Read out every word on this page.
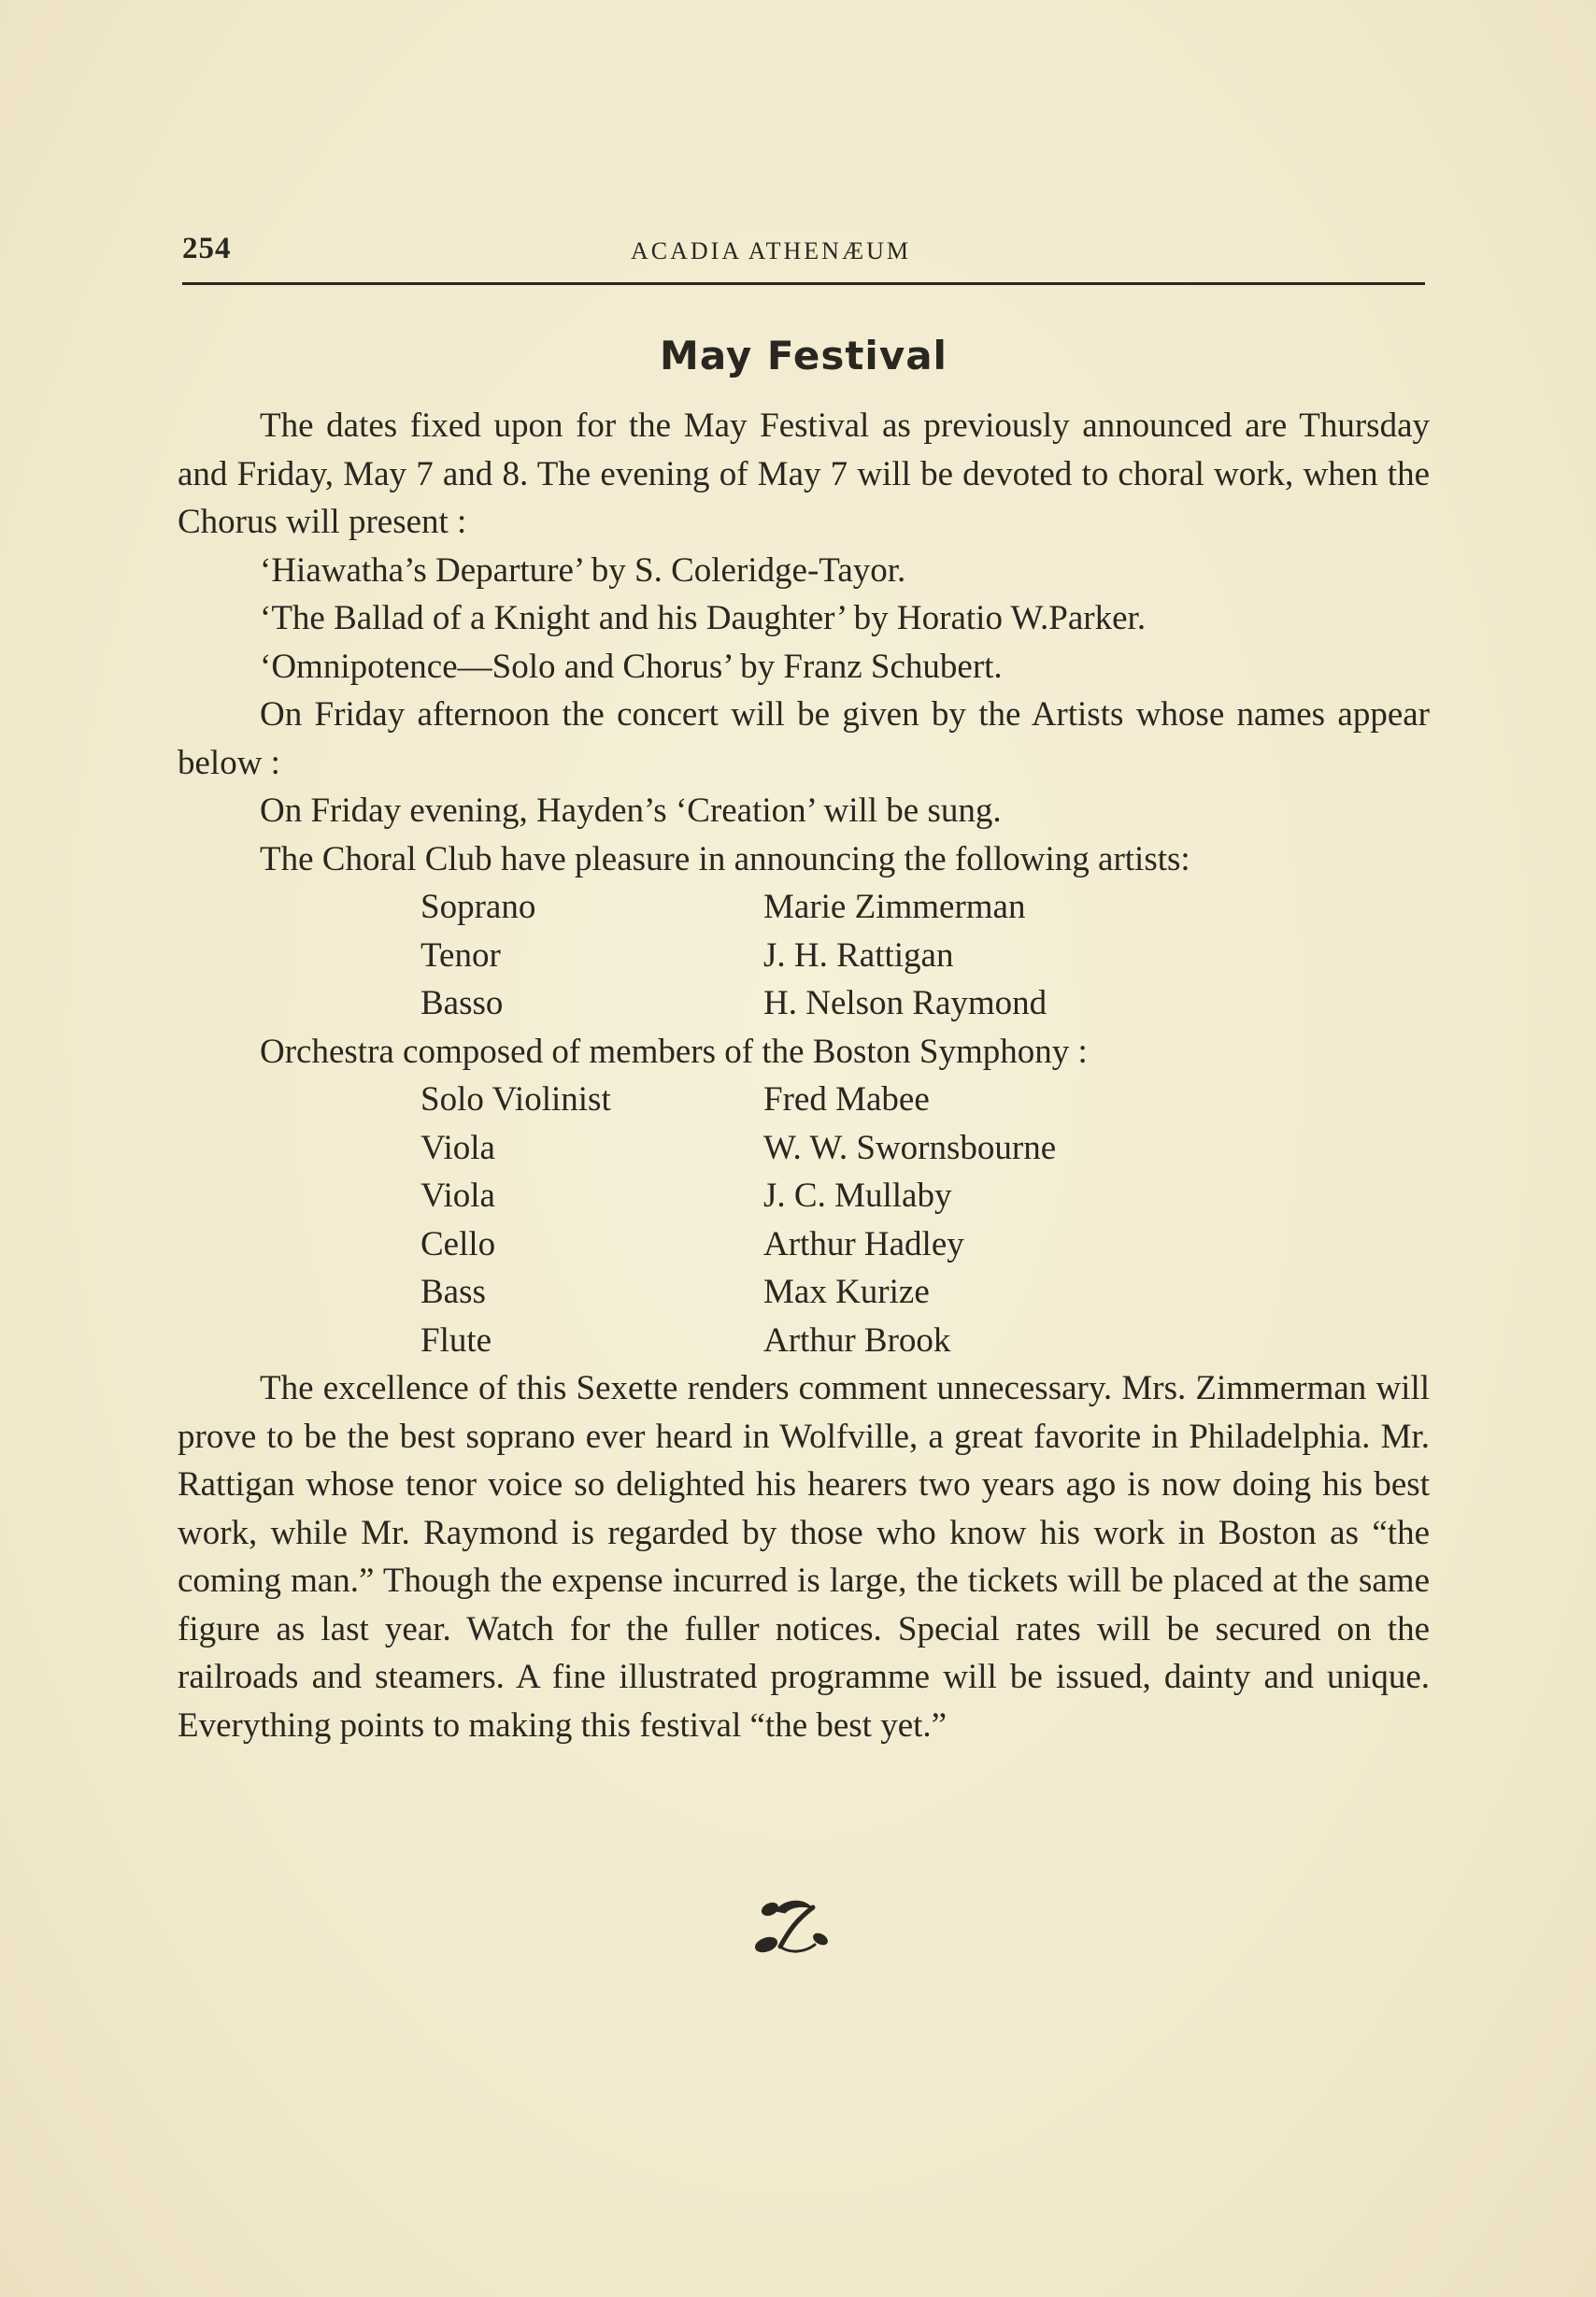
254	ACADIA ATHENÆUM
May Festival

The dates fixed upon for the May Festival as previously announced are Thursday and Friday, May 7 and 8. The evening of May 7 will be devoted to choral work, when the Chorus will present :

‘Hiawatha’s Departure’ by S. Coleridge-Tayor.

‘The Ballad of a Knight and his Daughter’ by Horatio W.Parker.

‘Omnipotence—Solo and Chorus’ by Franz Schubert.

On Friday afternoon the concert will be given by the Artists whose names appear below :

On Friday evening, Hayden’s ‘Creation’ will be sung.

The Choral Club have pleasure in announcing the following artists:

Soprano	Marie Zimmerman
Tenor	J. H. Rattigan
Basso	H. Nelson Raymond

Orchestra composed of members of the Boston Symphony :

Solo Violinist	Fred Mabee
Viola	W. W. Swornsbourne
Viola	J. C. Mullaby
Cello	Arthur Hadley
Bass	Max Kurize
Flute	Arthur Brook

The excellence of this Sexette renders comment unnecessary. Mrs. Zimmerman will prove to be the best soprano ever heard in Wolfville, a great favorite in Philadelphia. Mr. Rattigan whose tenor voice so delighted his hearers two years ago is now doing his best work, while Mr. Raymond is regarded by those who know his work in Boston as “the coming man.” Though the expense incurred is large, the tickets will be placed at the same figure as last year. Watch for the fuller notices. Special rates will be secured on the railroads and steamers. A fine illustrated programme will be issued, dainty and unique. Everything points to making this festival “the best yet.”
